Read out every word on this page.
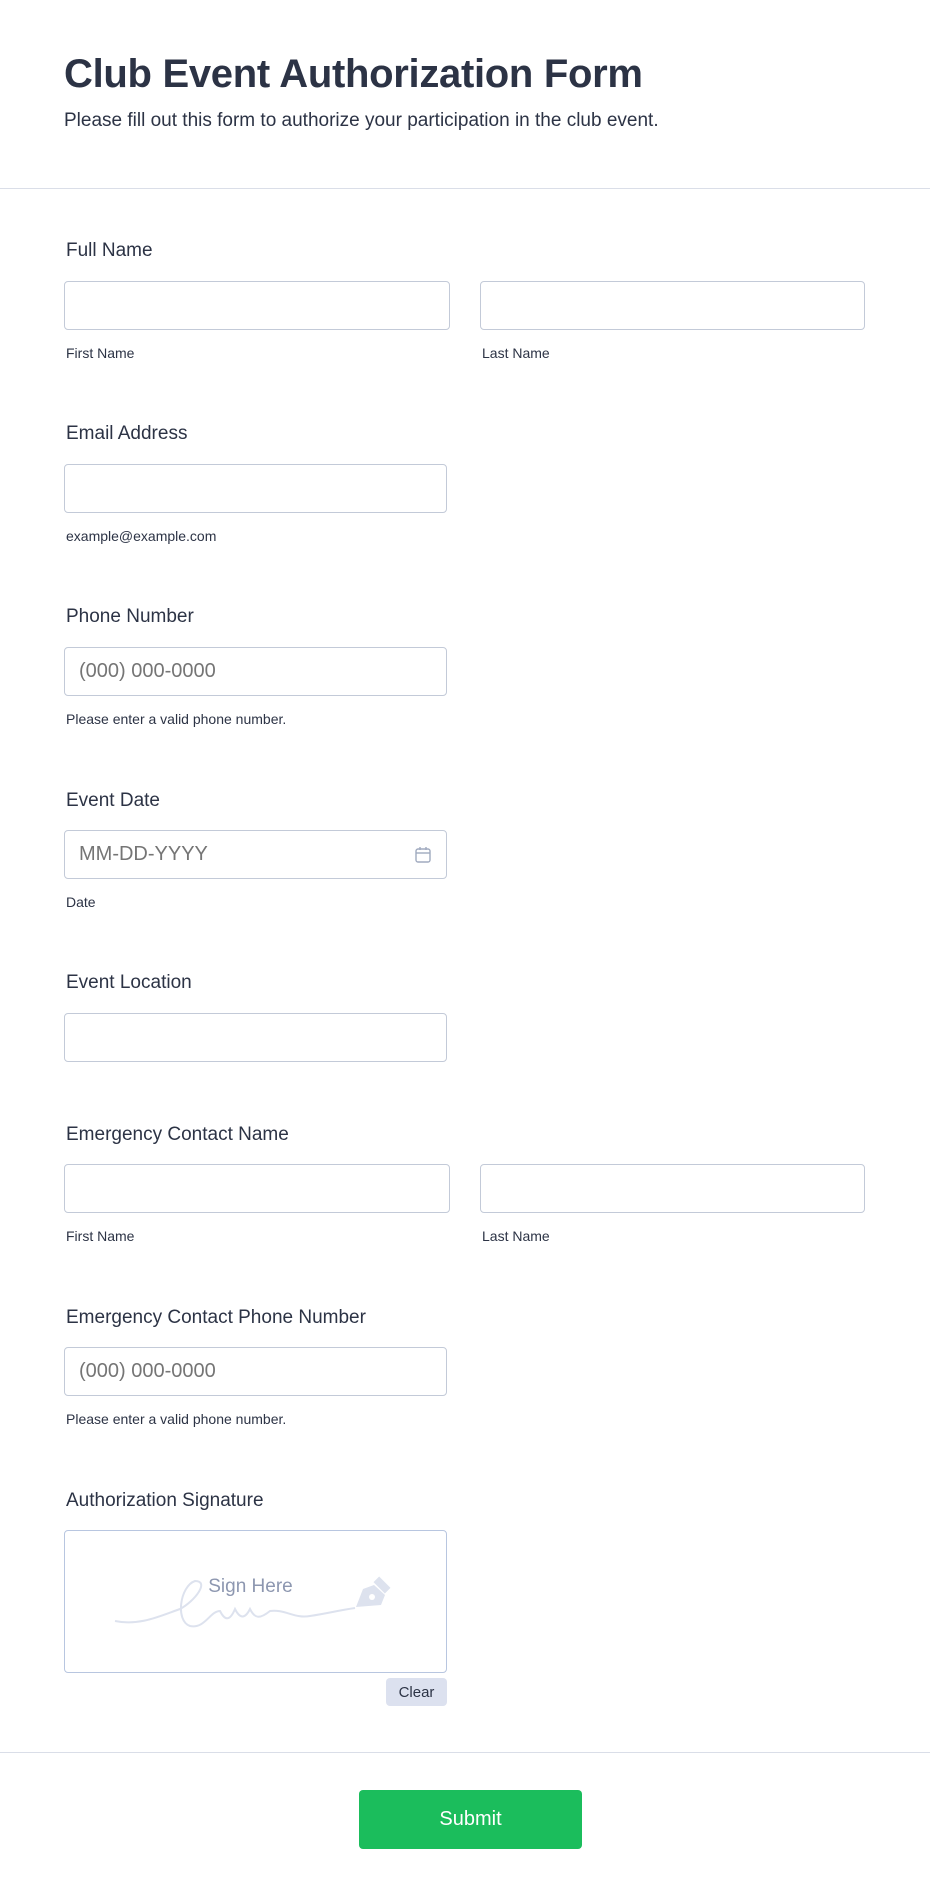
Club Event Authorization Form
Please fill out this form to authorize your participation in the club event.
Full Name
First Name	Last Name
Email Address
example@example.com
Phone Number
(000) 000-0000
Please enter a valid phone number.
Event Date
MM-DD-YYYY
Date
Event Location
Emergency Contact Name
First Name	Last Name
Emergency Contact Phone Number
(000) 000-0000
Please enter a valid phone number.
Authorization Signature
Sign Here
Clear
Submit
